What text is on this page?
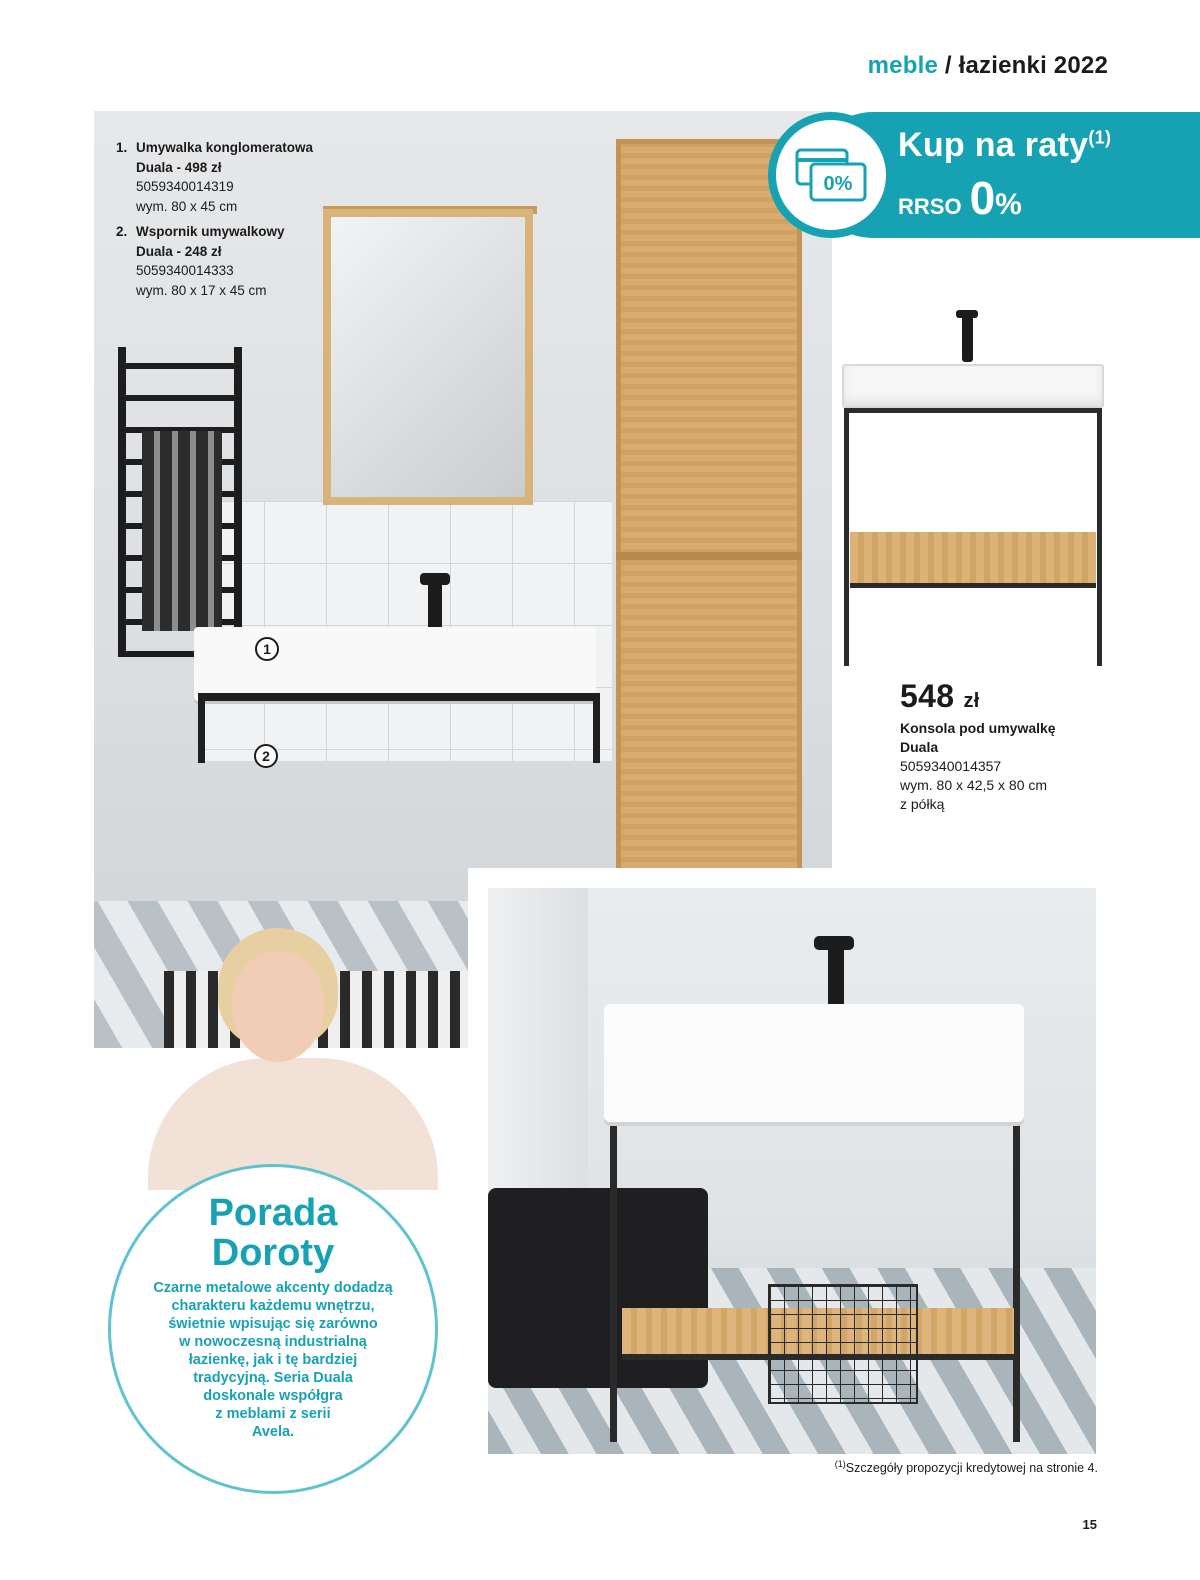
meble / łazienki 2022
1
2
1. Umywalka konglomeratowa
Duala - 498 zł
5059340014319
wym. 80 x 45 cm
2. Wspornik umywalkowy
Duala - 248 zł
5059340014333
wym. 80 x 17 x 45 cm
0%
Kup na raty$^{(1)}$
RRSO 0 %
548 zł
Konsola pod umywalkę
Duala
5059340014357
wym. 80 x 42,5 x 80 cm
z półką
Porada
Doroty
Czarne metalowe akcenty dodadzą
charakteru każdemu wnętrzu,
świetnie wpisując się zarówno
w nowoczesną industrialną
łazienkę, jak i tę bardziej
tradycyjną. Seria Duala
doskonale współgra
z meblami z serii
Avela.
$^{(1)}$Szczegóły propozycji kredytowej na stronie 4.
15
